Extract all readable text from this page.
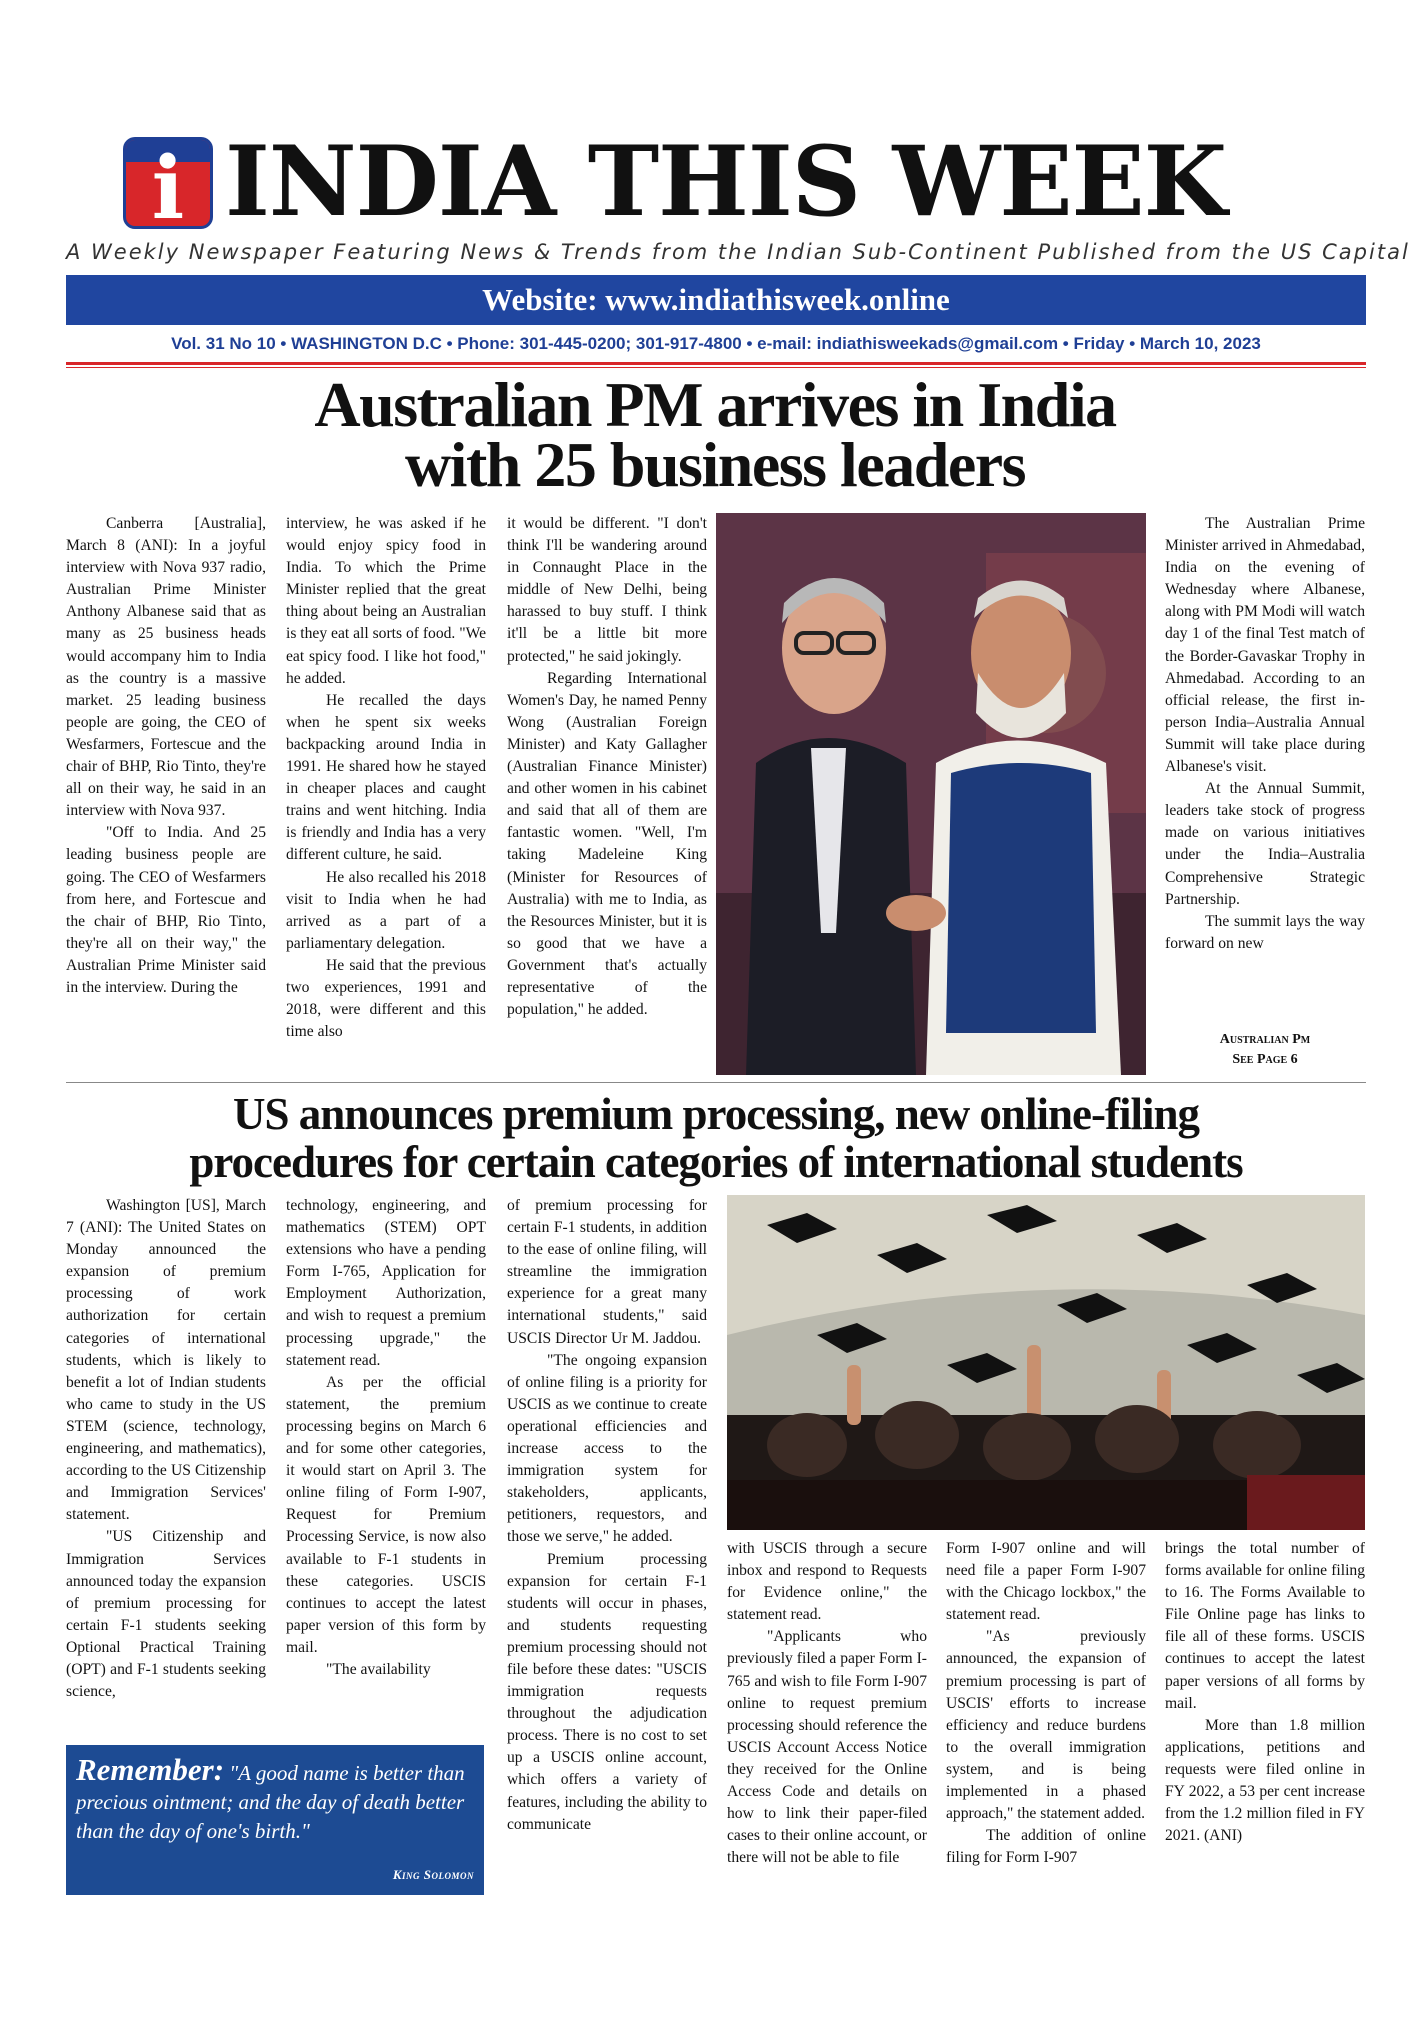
i INDIA THIS WEEK
A Weekly Newspaper Featuring News & Trends from the Indian Sub-Continent Published from the US Capital
Website: www.indiathisweek.online
Vol. 31 No 10 • WASHINGTON D.C • Phone: 301-445-0200; 301-917-4800 • e-mail: indiathisweekads@gmail.com • Friday • March 10, 2023
Australian PM arrives in India
with 25 business leaders

Canberra [Australia], March 8 (ANI): In a joyful interview with Nova 937 radio, Australian Prime Minister Anthony Albanese said that as many as 25 business heads would accompany him to India as the country is a massive market. 25 leading business people are going, the CEO of Wesfarmers, Fortescue and the chair of BHP, Rio Tinto, they're all on their way, he said in an interview with Nova 937.

"Off to India. And 25 leading business people are going. The CEO of Wesfarmers from here, and Fortescue and the chair of BHP, Rio Tinto, they're all on their way," the Australian Prime Minister said in the interview. During the

interview, he was asked if he would enjoy spicy food in India. To which the Prime Minister replied that the great thing about being an Australian is they eat all sorts of food. "We eat spicy food. I like hot food," he added.

He recalled the days when he spent six weeks backpacking around India in 1991. He shared how he stayed in cheaper places and caught trains and went hitching. India is friendly and India has a very different culture, he said.

He also recalled his 2018 visit to India when he had arrived as a part of a parliamentary delegation.

He said that the previous two experiences, 1991 and 2018, were different and this time also

it would be different. "I don't think I'll be wandering around in Connaught Place in the middle of New Delhi, being harassed to buy stuff. I think it'll be a little bit more protected," he said jokingly.

Regarding International Women's Day, he named Penny Wong (Australian Foreign Minister) and Katy Gallagher (Australian Finance Minister) and other women in his cabinet and said that all of them are fantastic women. "Well, I'm taking Madeleine King (Minister for Resources of Australia) with me to India, as the Resources Minister, but it is so good that we have a Government that's actually representative of the population," he added.

The Australian Prime Minister arrived in Ahmedabad, India on the evening of Wednesday where Albanese, along with PM Modi will watch day 1 of the final Test match of the Border-Gavaskar Trophy in Ahmedabad. According to an official release, the first in-person India–Australia Annual Summit will take place during Albanese's visit.

At the Annual Summit, leaders take stock of progress made on various initiatives under the India–Australia Comprehensive Strategic Partnership.

The summit lays the way forward on new

Australian Pm
See Page 6
US announces premium processing, new online-filing
procedures for certain categories of international students

Washington [US], March 7 (ANI): The United States on Monday announced the expansion of premium processing of work authorization for certain categories of international students, which is likely to benefit a lot of Indian students who came to study in the US STEM (science, technology, engineering, and mathematics), according to the US Citizenship and Immigration Services' statement.

"US Citizenship and Immigration Services announced today the expansion of premium processing for certain F-1 students seeking Optional Practical Training (OPT) and F-1 students seeking science,

technology, engineering, and mathematics (STEM) OPT extensions who have a pending Form I-765, Application for Employment Authorization, and wish to request a premium processing upgrade," the statement read.

As per the official statement, the premium processing begins on March 6 and for some other categories, it would start on April 3. The online filing of Form I-907, Request for Premium Processing Service, is now also available to F-1 students in these categories. USCIS continues to accept the latest paper version of this form by mail.

"The availability

of premium processing for certain F-1 students, in addition to the ease of online filing, will streamline the immigration experience for a great many international students," said USCIS Director Ur M. Jaddou.

"The ongoing expansion of online filing is a priority for USCIS as we continue to create operational efficiencies and increase access to the immigration system for stakeholders, applicants, petitioners, requestors, and those we serve," he added.

Premium processing expansion for certain F-1 students will occur in phases, and students requesting premium processing should not file before these dates: "USCIS immigration requests throughout the adjudication process. There is no cost to set up a USCIS online account, which offers a variety of features, including the ability to communicate

with USCIS through a secure inbox and respond to Requests for Evidence online," the statement read.

"Applicants who previously filed a paper Form I-765 and wish to file Form I-907 online to request premium processing should reference the USCIS Account Access Notice they received for the Online Access Code and details on how to link their paper-filed cases to their online account, or there will not be able to file

Form I-907 online and will need file a paper Form I-907 with the Chicago lockbox," the statement read.

"As previously announced, the expansion of premium processing is part of USCIS' efforts to increase efficiency and reduce burdens to the overall immigration system, and is being implemented in a phased approach," the statement added.

The addition of online filing for Form I-907

brings the total number of forms available for online filing to 16. The Forms Available to File Online page has links to file all of these forms. USCIS continues to accept the latest paper versions of all forms by mail.

More than 1.8 million applications, petitions and requests were filed online in FY 2022, a 53 per cent increase from the 1.2 million filed in FY 2021. (ANI)

Remember: "A good name is better than precious ointment; and the day of death better than the day of one's birth."
King Solomon
